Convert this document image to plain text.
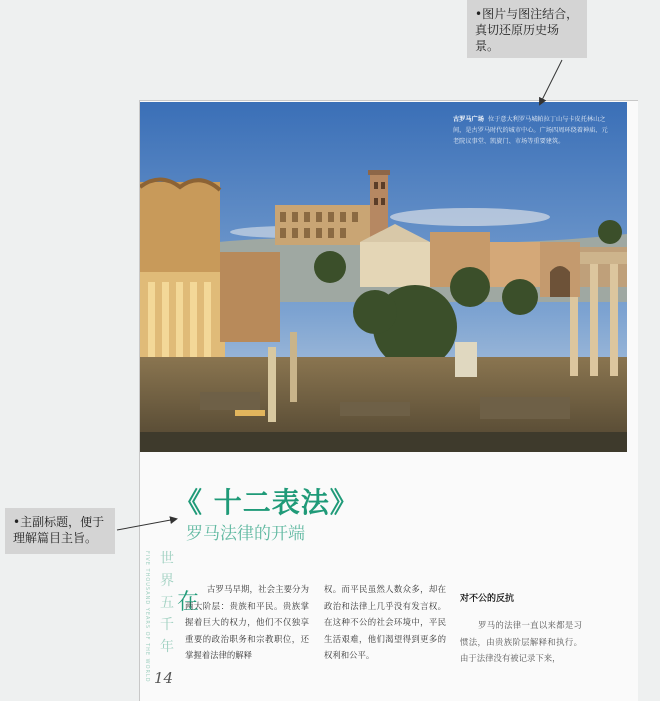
•图片与图注结合，真切还原历史场景。
•主副标题，便于理解篇目主旨。
古罗马广场 位于意大利罗马城帕拉丁山与卡皮托林山之间，是古罗马时代的城市中心。广场四周环绕着神庙、元老院议事堂、凯旋门、市场等重要建筑。
《 十二表法》
罗马法律的开端
FIVE THOUSAND YEARS OF THE WORLD 世界五千年
14
在
古罗马早期，社会主要分为两大阶层：贵族和平民。贵族掌握着巨大的权力，他们不仅独享重要的政治职务和宗教职位，还掌握着法律的解释
权。而平民虽然人数众多，却在政治和法律上几乎没有发言权。在这种不公的社会环境中，平民生活艰难，他们渴望得到更多的权利和公平。
对不公的反抗
罗马的法律一直以来都是习惯法，由贵族阶层解释和执行。由于法律没有被记录下来，
